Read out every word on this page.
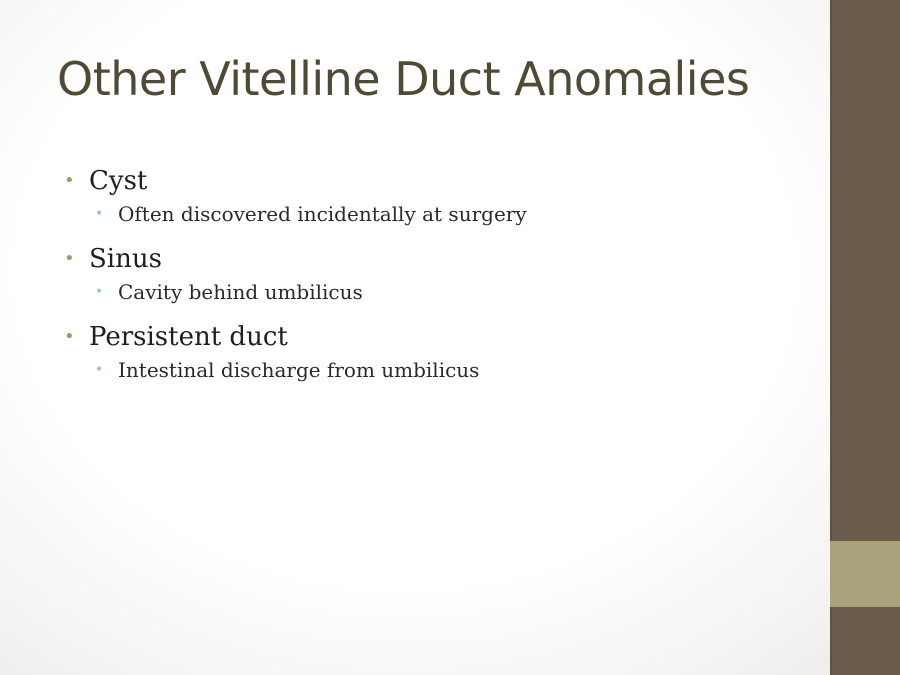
Other Vitelline Duct Anomalies
• Cyst
• Often discovered incidentally at surgery
• Sinus
• Cavity behind umbilicus
• Persistent duct
• Intestinal discharge from umbilicus
